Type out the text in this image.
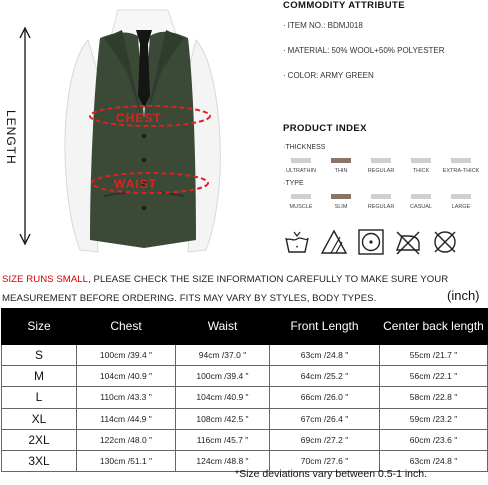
LENGTH	CHEST
WAIST
COMMODITY ATTRIBUTE
· ITEM NO.: BDMJ018
· MATERIAL: 50% WOOL+50% POLYESTER
· COLOR: ARMY GREEN
PRODUCT INDEX
·THICKNESS
ULTRATHIN	THIN	REGULAR	THICK EXTRA-THICK
·TYPE
MUSCLE	SLIM	REGULAR	CASUAL	LARGE
•
SIZE RUNS SMALL, PLEASE CHECK THE SIZE INFORMATION CAREFULLY TO MAKE SURE YOUR MEASUREMENT BEFORE ORDERING. FITS MAY VARY BY STYLES, BODY TYPES.	(inch)
Size	Chest	Waist	Front Length	Center back length
S	100cm /39.4 "	94cm /37.0 "	63cm /24.8 "	55cm /21.7 "
M	104cm /40.9 "	100cm /39.4 "	64cm /25.2 "	56cm /22.1 "
L	110cm /43.3 "	104cm /40.9 "	66cm /26.0 "	58cm /22.8 "
XL	114cm /44.9 "	108cm /42.5 "	67cm /26.4 "	59cm /23.2 "
2XL	122cm /48.0 "	116cm /45.7 "	69cm /27.2 "	60cm /23.6 "
3XL	130cm /51.1 "	124cm /48.8 "	70cm /27.6 "	63cm /24.8 "
*Size deviations vary between 0.5-1 inch.
